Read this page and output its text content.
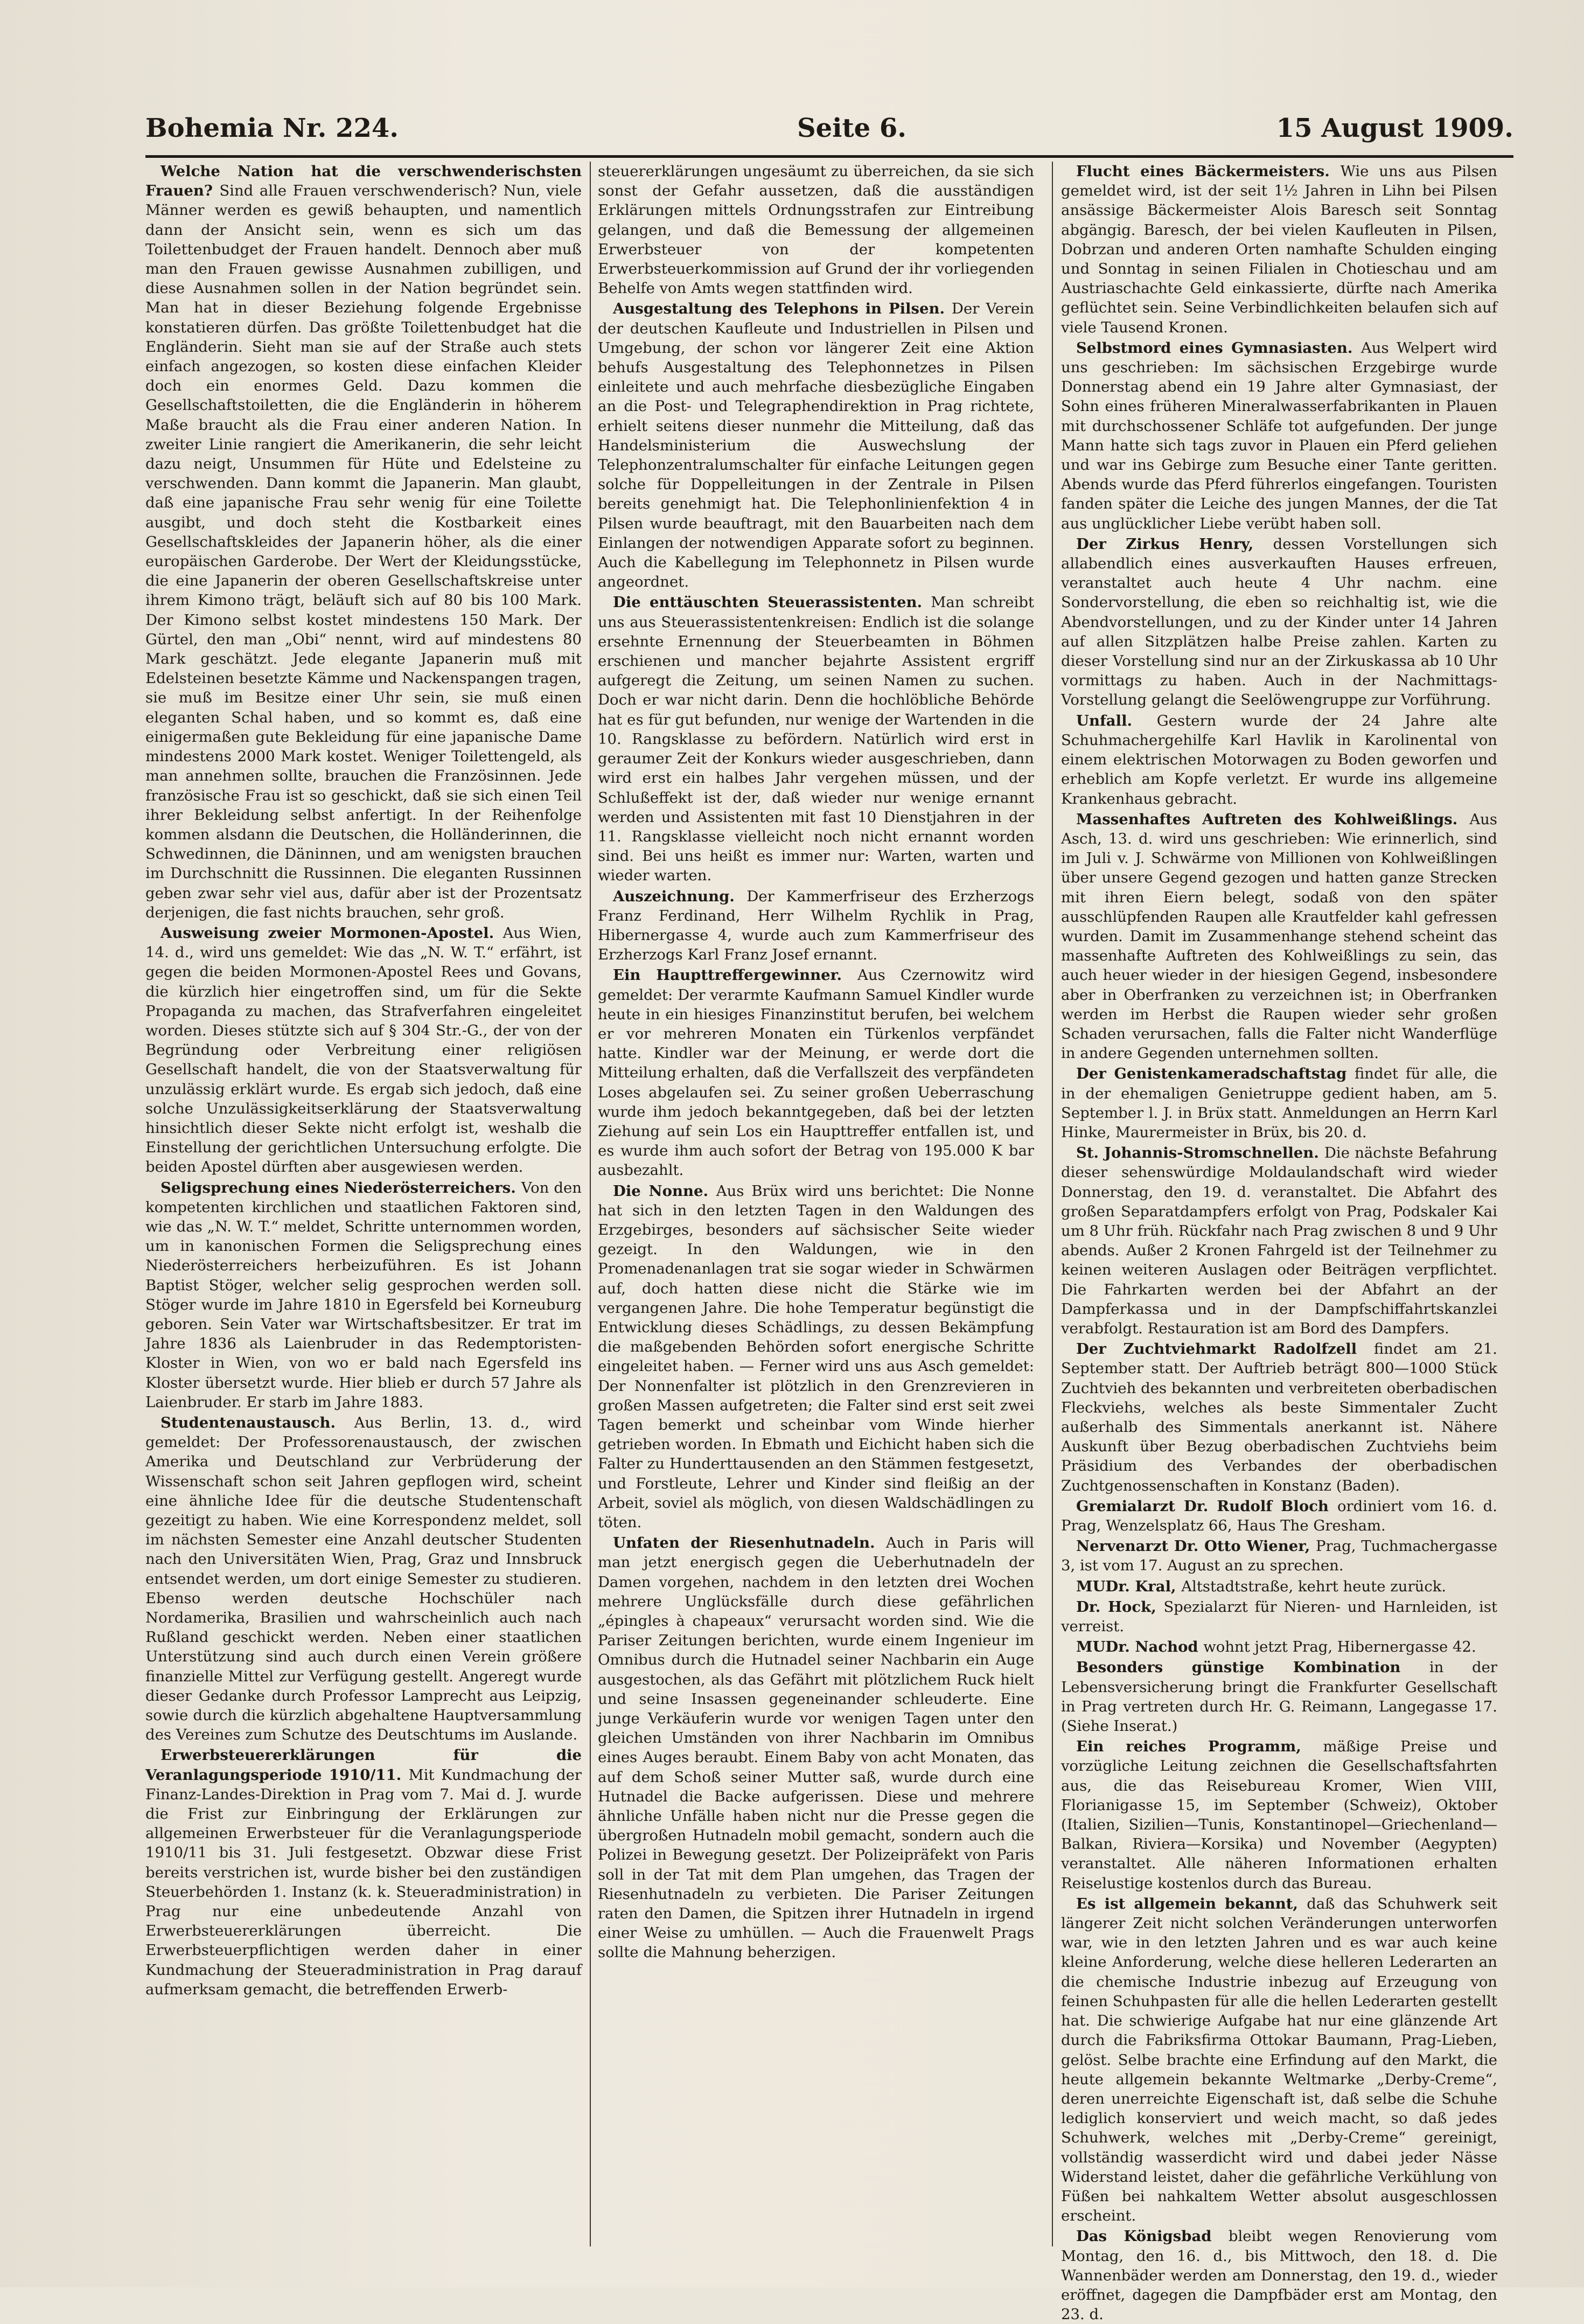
Bohemia Nr. 224.	Seite 6.	15 August 1909.

Welche Nation hat die verschwenderischsten Frauen? Sind alle Frauen verschwenderisch? Nun, viele Männer werden es gewiß behaupten, und namentlich dann der Ansicht sein, wenn es sich um das Toilettenbudget der Frauen handelt. Dennoch aber muß man den Frauen gewisse Ausnahmen zubilligen, und diese Ausnahmen sollen in der Nation begründet sein. Man hat in dieser Beziehung folgende Ergebnisse konstatieren dürfen. Das größte Toilettenbudget hat die Engländerin. Sieht man sie auf der Straße auch stets einfach angezogen, so kosten diese einfachen Kleider doch ein enormes Geld. Dazu kommen die Gesellschaftstoiletten, die die Engländerin in höherem Maße braucht als die Frau einer anderen Nation. In zweiter Linie rangiert die Amerikanerin, die sehr leicht dazu neigt, Unsummen für Hüte und Edelsteine zu verschwenden. Dann kommt die Japanerin. Man glaubt, daß eine japanische Frau sehr wenig für eine Toilette ausgibt, und doch steht die Kostbarkeit eines Gesellschaftskleides der Japanerin höher, als die einer europäischen Garderobe. Der Wert der Kleidungsstücke, die eine Japanerin der oberen Gesellschaftskreise unter ihrem Kimono trägt, beläuft sich auf 80 bis 100 Mark. Der Kimono selbst kostet mindestens 150 Mark. Der Gürtel, den man „Obi“ nennt, wird auf mindestens 80 Mark geschätzt. Jede elegante Japanerin muß mit Edelsteinen besetzte Kämme und Nackenspangen tragen, sie muß im Besitze einer Uhr sein, sie muß einen eleganten Schal haben, und so kommt es, daß eine einigermaßen gute Bekleidung für eine japanische Dame mindestens 2000 Mark kostet. Weniger Toilettengeld, als man annehmen sollte, brauchen die Französinnen. Jede französische Frau ist so geschickt, daß sie sich einen Teil ihrer Bekleidung selbst anfertigt. In der Reihenfolge kommen alsdann die Deutschen, die Holländerinnen, die Schwedinnen, die Däninnen, und am wenigsten brauchen im Durchschnitt die Russinnen. Die eleganten Russinnen geben zwar sehr viel aus, dafür aber ist der Prozentsatz derjenigen, die fast nichts brauchen, sehr groß.

Ausweisung zweier Mormonen-Apostel. Aus Wien, 14. d., wird uns gemeldet: Wie das „N. W. T.“ erfährt, ist gegen die beiden Mormonen-Apostel Rees und Govans, die kürzlich hier eingetroffen sind, um für die Sekte Propaganda zu machen, das Strafverfahren eingeleitet worden. Dieses stützte sich auf § 304 Str.-G., der von der Begründung oder Verbreitung einer religiösen Gesellschaft handelt, die von der Staatsverwaltung für unzulässig erklärt wurde. Es ergab sich jedoch, daß eine solche Unzulässigkeitserklärung der Staatsverwaltung hinsichtlich dieser Sekte nicht erfolgt ist, weshalb die Einstellung der gerichtlichen Untersuchung erfolgte. Die beiden Apostel dürften aber ausgewiesen werden.

Seligsprechung eines Niederösterreichers. Von den kompetenten kirchlichen und staatlichen Faktoren sind, wie das „N. W. T.“ meldet, Schritte unternommen worden, um in kanonischen Formen die Seligsprechung eines Niederösterreichers herbeizuführen. Es ist Johann Baptist Stöger, welcher selig gesprochen werden soll. Stöger wurde im Jahre 1810 in Egersfeld bei Korneuburg geboren. Sein Vater war Wirtschaftsbesitzer. Er trat im Jahre 1836 als Laienbruder in das Redemptoristen-Kloster in Wien, von wo er bald nach Egersfeld ins Kloster übersetzt wurde. Hier blieb er durch 57 Jahre als Laienbruder. Er starb im Jahre 1883.

Studentenaustausch. Aus Berlin, 13. d., wird gemeldet: Der Professorenaustausch, der zwischen Amerika und Deutschland zur Verbrüderung der Wissenschaft schon seit Jahren gepflogen wird, scheint eine ähnliche Idee für die deutsche Studentenschaft gezeitigt zu haben. Wie eine Korrespondenz meldet, soll im nächsten Semester eine Anzahl deutscher Studenten nach den Universitäten Wien, Prag, Graz und Innsbruck entsendet werden, um dort einige Semester zu studieren. Ebenso werden deutsche Hochschüler nach Nordamerika, Brasilien und wahrscheinlich auch nach Rußland geschickt werden. Neben einer staatlichen Unterstützung sind auch durch einen Verein größere finanzielle Mittel zur Verfügung gestellt. Angeregt wurde dieser Gedanke durch Professor Lamprecht aus Leipzig, sowie durch die kürzlich abgehaltene Hauptversammlung des Vereines zum Schutze des Deutschtums im Auslande.

Erwerbsteuererklärungen für die Veranlagungsperiode 1910/11. Mit Kundmachung der Finanz-Landes-Direktion in Prag vom 7. Mai d. J. wurde die Frist zur Einbringung der Erklärungen zur allgemeinen Erwerbsteuer für die Veranlagungsperiode 1910/11 bis 31. Juli festgesetzt. Obzwar diese Frist bereits verstrichen ist, wurde bisher bei den zuständigen Steuerbehörden 1. Instanz (k. k. Steueradministration) in Prag nur eine unbedeutende Anzahl von Erwerbsteuererklärungen überreicht. Die Erwerbsteuerpflichtigen werden daher in einer Kundmachung der Steueradministration in Prag darauf aufmerksam gemacht, die betreffenden Erwerb-

steuererklärungen ungesäumt zu überreichen, da sie sich sonst der Gefahr aussetzen, daß die ausständigen Erklärungen mittels Ordnungsstrafen zur Eintreibung gelangen, und daß die Bemessung der allgemeinen Erwerbsteuer von der kompetenten Erwerbsteuerkommission auf Grund der ihr vorliegenden Behelfe von Amts wegen stattfinden wird.

Ausgestaltung des Telephons in Pilsen. Der Verein der deutschen Kaufleute und Industriellen in Pilsen und Umgebung, der schon vor längerer Zeit eine Aktion behufs Ausgestaltung des Telephonnetzes in Pilsen einleitete und auch mehrfache diesbezügliche Eingaben an die Post- und Telegraphendirektion in Prag richtete, erhielt seitens dieser nunmehr die Mitteilung, daß das Handelsministerium die Auswechslung der Telephonzentralumschalter für einfache Leitungen gegen solche für Doppelleitungen in der Zentrale in Pilsen bereits genehmigt hat. Die Telephonlinienfektion 4 in Pilsen wurde beauftragt, mit den Bauarbeiten nach dem Einlangen der notwendigen Apparate sofort zu beginnen. Auch die Kabellegung im Telephonnetz in Pilsen wurde angeordnet.

Die enttäuschten Steuerassistenten. Man schreibt uns aus Steuerassistentenkreisen: Endlich ist die solange ersehnte Ernennung der Steuerbeamten in Böhmen erschienen und mancher bejahrte Assistent ergriff aufgeregt die Zeitung, um seinen Namen zu suchen. Doch er war nicht darin. Denn die hochlöbliche Behörde hat es für gut befunden, nur wenige der Wartenden in die 10. Rangsklasse zu befördern. Natürlich wird erst in geraumer Zeit der Konkurs wieder ausgeschrieben, dann wird erst ein halbes Jahr vergehen müssen, und der Schlußeffekt ist der, daß wieder nur wenige ernannt werden und Assistenten mit fast 10 Dienstjahren in der 11. Rangsklasse vielleicht noch nicht ernannt worden sind. Bei uns heißt es immer nur: Warten, warten und wieder warten.

Auszeichnung. Der Kammerfriseur des Erzherzogs Franz Ferdinand, Herr Wilhelm Rychlik in Prag, Hibernergasse 4, wurde auch zum Kammerfriseur des Erzherzogs Karl Franz Josef ernannt.

Ein Haupttreffergewinner. Aus Czernowitz wird gemeldet: Der verarmte Kaufmann Samuel Kindler wurde heute in ein hiesiges Finanzinstitut berufen, bei welchem er vor mehreren Monaten ein Türkenlos verpfändet hatte. Kindler war der Meinung, er werde dort die Mitteilung erhalten, daß die Verfallszeit des verpfändeten Loses abgelaufen sei. Zu seiner großen Ueberraschung wurde ihm jedoch bekanntgegeben, daß bei der letzten Ziehung auf sein Los ein Haupttreffer entfallen ist, und es wurde ihm auch sofort der Betrag von 195.000 K bar ausbezahlt.

Die Nonne. Aus Brüx wird uns berichtet: Die Nonne hat sich in den letzten Tagen in den Waldungen des Erzgebirges, besonders auf sächsischer Seite wieder gezeigt. In den Waldungen, wie in den Promenadenanlagen trat sie sogar wieder in Schwärmen auf, doch hatten diese nicht die Stärke wie im vergangenen Jahre. Die hohe Temperatur begünstigt die Entwicklung dieses Schädlings, zu dessen Bekämpfung die maßgebenden Behörden sofort energische Schritte eingeleitet haben. — Ferner wird uns aus Asch gemeldet: Der Nonnenfalter ist plötzlich in den Grenzrevieren in großen Massen aufgetreten; die Falter sind erst seit zwei Tagen bemerkt und scheinbar vom Winde hierher getrieben worden. In Ebmath und Eichicht haben sich die Falter zu Hunderttausenden an den Stämmen festgesetzt, und Forstleute, Lehrer und Kinder sind fleißig an der Arbeit, soviel als möglich, von diesen Waldschädlingen zu töten.

Unfaten der Riesenhutnadeln. Auch in Paris will man jetzt energisch gegen die Ueberhutnadeln der Damen vorgehen, nachdem in den letzten drei Wochen mehrere Unglücksfälle durch diese gefährlichen „épingles à chapeaux“ verursacht worden sind. Wie die Pariser Zeitungen berichten, wurde einem Ingenieur im Omnibus durch die Hutnadel seiner Nachbarin ein Auge ausgestochen, als das Gefährt mit plötzlichem Ruck hielt und seine Insassen gegeneinander schleuderte. Eine junge Verkäuferin wurde vor wenigen Tagen unter den gleichen Umständen von ihrer Nachbarin im Omnibus eines Auges beraubt. Einem Baby von acht Monaten, das auf dem Schoß seiner Mutter saß, wurde durch eine Hutnadel die Backe aufgerissen. Diese und mehrere ähnliche Unfälle haben nicht nur die Presse gegen die übergroßen Hutnadeln mobil gemacht, sondern auch die Polizei in Bewegung gesetzt. Der Polizeipräfekt von Paris soll in der Tat mit dem Plan umgehen, das Tragen der Riesenhutnadeln zu verbieten. Die Pariser Zeitungen raten den Damen, die Spitzen ihrer Hutnadeln in irgend einer Weise zu umhüllen. — Auch die Frauenwelt Prags sollte die Mahnung beherzigen.

Flucht eines Bäckermeisters. Wie uns aus Pilsen gemeldet wird, ist der seit 1½ Jahren in Lihn bei Pilsen ansässige Bäckermeister Alois Baresch seit Sonntag abgängig. Baresch, der bei vielen Kaufleuten in Pilsen, Dobrzan und anderen Orten namhafte Schulden einging und Sonntag in seinen Filialen in Chotieschau und am Austriaschachte Geld einkassierte, dürfte nach Amerika geflüchtet sein. Seine Verbindlichkeiten belaufen sich auf viele Tausend Kronen.

Selbstmord eines Gymnasiasten. Aus Welpert wird uns geschrieben: Im sächsischen Erzgebirge wurde Donnerstag abend ein 19 Jahre alter Gymnasiast, der Sohn eines früheren Mineralwasserfabrikanten in Plauen mit durchschossener Schläfe tot aufgefunden. Der junge Mann hatte sich tags zuvor in Plauen ein Pferd geliehen und war ins Gebirge zum Besuche einer Tante geritten. Abends wurde das Pferd führerlos eingefangen. Touristen fanden später die Leiche des jungen Mannes, der die Tat aus unglücklicher Liebe verübt haben soll.

Der Zirkus Henry, dessen Vorstellungen sich allabendlich eines ausverkauften Hauses erfreuen, veranstaltet auch heute 4 Uhr nachm. eine Sondervorstellung, die eben so reichhaltig ist, wie die Abendvorstellungen, und zu der Kinder unter 14 Jahren auf allen Sitzplätzen halbe Preise zahlen. Karten zu dieser Vorstellung sind nur an der Zirkuskassa ab 10 Uhr vormittags zu haben. Auch in der Nachmittags-Vorstellung gelangt die Seelöwengruppe zur Vorführung.

Unfall. Gestern wurde der 24 Jahre alte Schuhmachergehilfe Karl Havlik in Karolinental von einem elektrischen Motorwagen zu Boden geworfen und erheblich am Kopfe verletzt. Er wurde ins allgemeine Krankenhaus gebracht.

Massenhaftes Auftreten des Kohlweißlings. Aus Asch, 13. d. wird uns geschrieben: Wie erinnerlich, sind im Juli v. J. Schwärme von Millionen von Kohlweißlingen über unsere Gegend gezogen und hatten ganze Strecken mit ihren Eiern belegt, sodaß von den später ausschlüpfenden Raupen alle Krautfelder kahl gefressen wurden. Damit im Zusammenhange stehend scheint das massenhafte Auftreten des Kohlweißlings zu sein, das auch heuer wieder in der hiesigen Gegend, insbesondere aber in Oberfranken zu verzeichnen ist; in Oberfranken werden im Herbst die Raupen wieder sehr großen Schaden verursachen, falls die Falter nicht Wanderflüge in andere Gegenden unternehmen sollten.

Der Genistenkameradschaftstag findet für alle, die in der ehemaligen Genietruppe gedient haben, am 5. September l. J. in Brüx statt. Anmeldungen an Herrn Karl Hinke, Maurermeister in Brüx, bis 20. d.

St. Johannis-Stromschnellen. Die nächste Befahrung dieser sehenswürdige Moldaulandschaft wird wieder Donnerstag, den 19. d. veranstaltet. Die Abfahrt des großen Separatdampfers erfolgt von Prag, Podskaler Kai um 8 Uhr früh. Rückfahr nach Prag zwischen 8 und 9 Uhr abends. Außer 2 Kronen Fahrgeld ist der Teilnehmer zu keinen weiteren Auslagen oder Beiträgen verpflichtet. Die Fahrkarten werden bei der Abfahrt an der Dampferkassa und in der Dampfschiffahrtskanzlei verabfolgt. Restauration ist am Bord des Dampfers.

Der Zuchtviehmarkt Radolfzell findet am 21. September statt. Der Auftrieb beträgt 800—1000 Stück Zuchtvieh des bekannten und verbreiteten oberbadischen Fleckviehs, welches als beste Simmentaler Zucht außerhalb des Simmentals anerkannt ist. Nähere Auskunft über Bezug oberbadischen Zuchtviehs beim Präsidium des Verbandes der oberbadischen Zuchtgenossenschaften in Konstanz (Baden).

Gremialarzt Dr. Rudolf Bloch ordiniert vom 16. d. Prag, Wenzelsplatz 66, Haus The Gresham.

Nervenarzt Dr. Otto Wiener, Prag, Tuchmachergasse 3, ist vom 17. August an zu sprechen.

MUDr. Kral, Altstadtstraße, kehrt heute zurück.

Dr. Hock, Spezialarzt für Nieren- und Harnleiden, ist verreist.

MUDr. Nachod wohnt jetzt Prag, Hibernergasse 42.

Besonders günstige Kombination in der Lebensversicherung bringt die Frankfurter Gesellschaft in Prag vertreten durch Hr. G. Reimann, Langegasse 17. (Siehe Inserat.)

Ein reiches Programm, mäßige Preise und vorzügliche Leitung zeichnen die Gesellschaftsfahrten aus, die das Reisebureau Kromer, Wien VIII, Florianigasse 15, im September (Schweiz), Oktober (Italien, Sizilien—Tunis, Konstantinopel—Griechenland—Balkan, Riviera—Korsika) und November (Aegypten) veranstaltet. Alle näheren Informationen erhalten Reiselustige kostenlos durch das Bureau.

Es ist allgemein bekannt, daß das Schuhwerk seit längerer Zeit nicht solchen Veränderungen unterworfen war, wie in den letzten Jahren und es war auch keine kleine Anforderung, welche diese helleren Lederarten an die chemische Industrie inbezug auf Erzeugung von feinen Schuhpasten für alle die hellen Lederarten gestellt hat. Die schwierige Aufgabe hat nur eine glänzende Art durch die Fabriksfirma Ottokar Baumann, Prag-Lieben, gelöst. Selbe brachte eine Erfindung auf den Markt, die heute allgemein bekannte Weltmarke „Derby-Creme“, deren unerreichte Eigenschaft ist, daß selbe die Schuhe lediglich konserviert und weich macht, so daß jedes Schuhwerk, welches mit „Derby-Creme“ gereinigt, vollständig wasserdicht wird und dabei jeder Nässe Widerstand leistet, daher die gefährliche Verkühlung von Füßen bei nahkaltem Wetter absolut ausgeschlossen erscheint.

Das Königsbad bleibt wegen Renovierung vom Montag, den 16. d., bis Mittwoch, den 18. d. Die Wannenbäder werden am Donnerstag, den 19. d., wieder eröffnet, dagegen die Dampfbäder erst am Montag, den 23. d.
